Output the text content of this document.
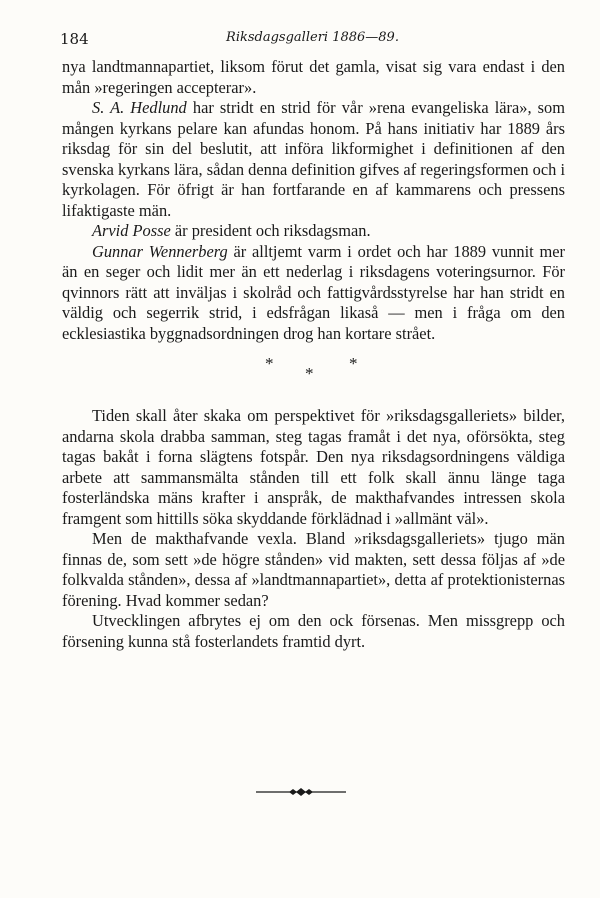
184	Riksdagsgalleri 1886—89.

nya landtmannapartiet, liksom förut det gamla, visat sig vara endast i den mån »regeringen accepterar».

S. A. Hedlund har stridt en strid för vår »rena evangeliska lära», som mången kyrkans pelare kan afundas honom. På hans initiativ har 1889 års riksdag för sin del beslutit, att införa likformighet i definitionen af den svenska kyrkans lära, sådan denna definition gifves af regeringsformen och i kyrkolagen. För öfrigt är han fortfarande en af kammarens och pressens lifaktigaste män.

Arvid Posse är president och riksdagsman.

Gunnar Wennerberg är alltjemt varm i ordet och har 1889 vunnit mer än en seger och lidit mer än ett nederlag i riksdagens voteringsurnor. För qvinnors rätt att inväljas i skolråd och fattigvårdsstyrelse har han stridt en väldig och segerrik strid, i edsfrågan likaså — men i fråga om den ecklesiastika byggnadsordningen drog han kortare strået.

*
*
*

Tiden skall åter skaka om perspektivet för »riksdagsgalleriets» bilder, andarna skola drabba samman, steg tagas framåt i det nya, oförsökta, steg tagas bakåt i forna slägtens fotspår. Den nya riksdagsordningens väldiga arbete att sammansmälta stånden till ett folk skall ännu länge taga fosterländska mäns krafter i anspråk, de makthafvandes intressen skola framgent som hittills söka skyddande förklädnad i »allmänt väl».

Men de makthafvande vexla. Bland »riksdagsgalleriets» tjugo män finnas de, som sett »de högre stånden» vid makten, sett dessa följas af »de folkvalda stånden», dessa af »landtmannapartiet», detta af protektionisternas förening. Hvad kommer sedan?

Utvecklingen afbrytes ej om den ock försenas. Men missgrepp och försening kunna stå fosterlandets framtid dyrt.
